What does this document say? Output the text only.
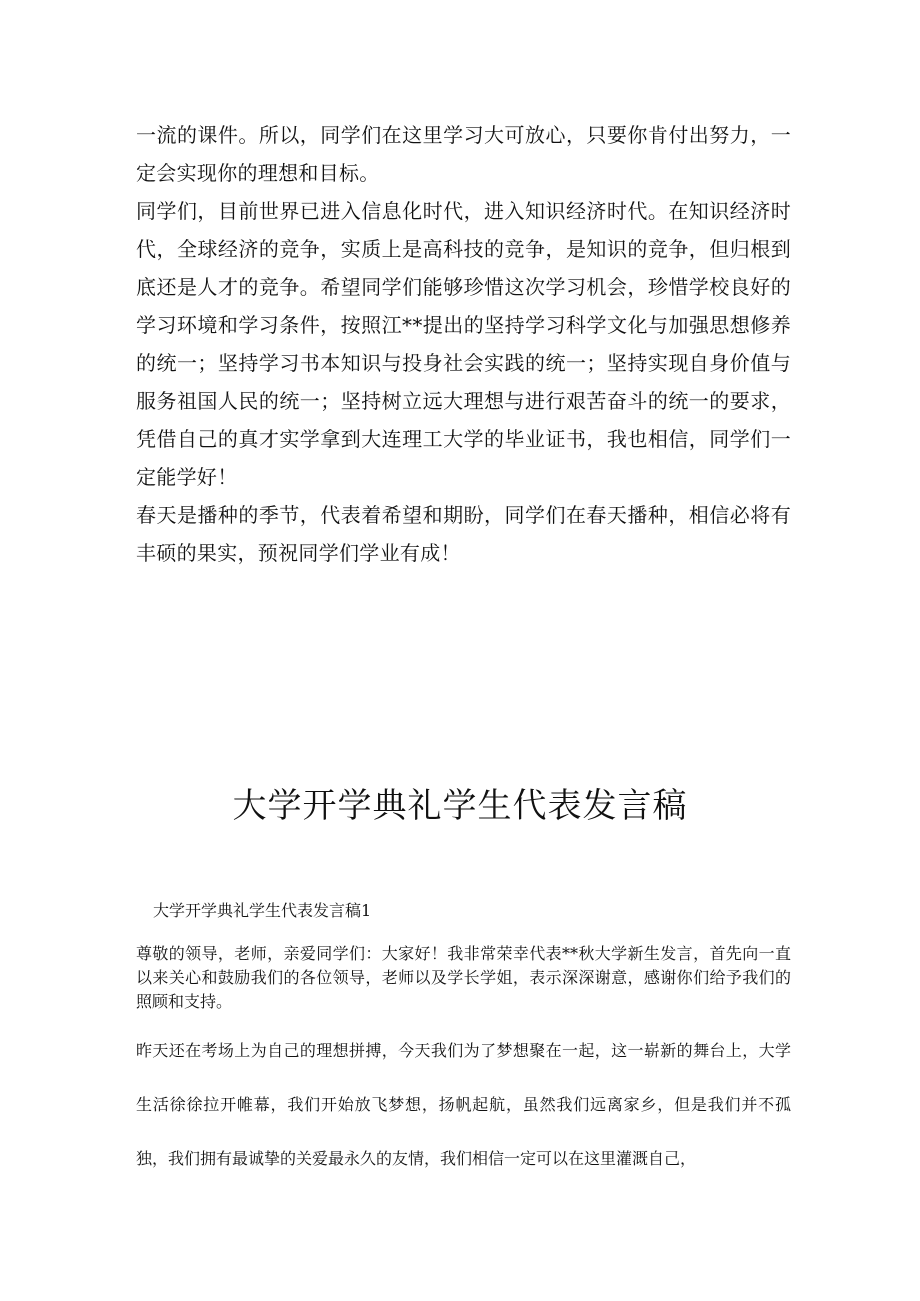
一流的课件。所以，同学们在这里学习大可放心，只要你肯付出努力，一定会实现你的理想和目标。

同学们，目前世界已进入信息化时代，进入知识经济时代。在知识经济时代，全球经济的竞争，实质上是高科技的竞争，是知识的竞争，但归根到底还是人才的竞争。希望同学们能够珍惜这次学习机会，珍惜学校良好的学习环境和学习条件，按照江**提出的坚持学习科学文化与加强思想修养的统一；坚持学习书本知识与投身社会实践的统一；坚持实现自身价值与服务祖国人民的统一；坚持树立远大理想与进行艰苦奋斗的统一的要求，凭借自己的真才实学拿到大连理工大学的毕业证书，我也相信，同学们一定能学好！

春天是播种的季节，代表着希望和期盼，同学们在春天播种，相信必将有丰硕的果实，预祝同学们学业有成！

大学开学典礼学生代表发言稿
大学开学典礼学生代表发言稿1

尊敬的领导，老师，亲爱同学们：大家好！我非常荣幸代表**秋大学新生发言，首先向一直以来关心和鼓励我们的各位领导，老师以及学长学姐，表示深深谢意，感谢你们给予我们的照顾和支持。

昨天还在考场上为自己的理想拼搏，今天我们为了梦想聚在一起，这一崭新的舞台上，大学生活徐徐拉开帷幕，我们开始放飞梦想，扬帆起航，虽然我们远离家乡，但是我们并不孤独，我们拥有最诚挚的关爱最永久的友情，我们相信一定可以在这里灌溉自己，
